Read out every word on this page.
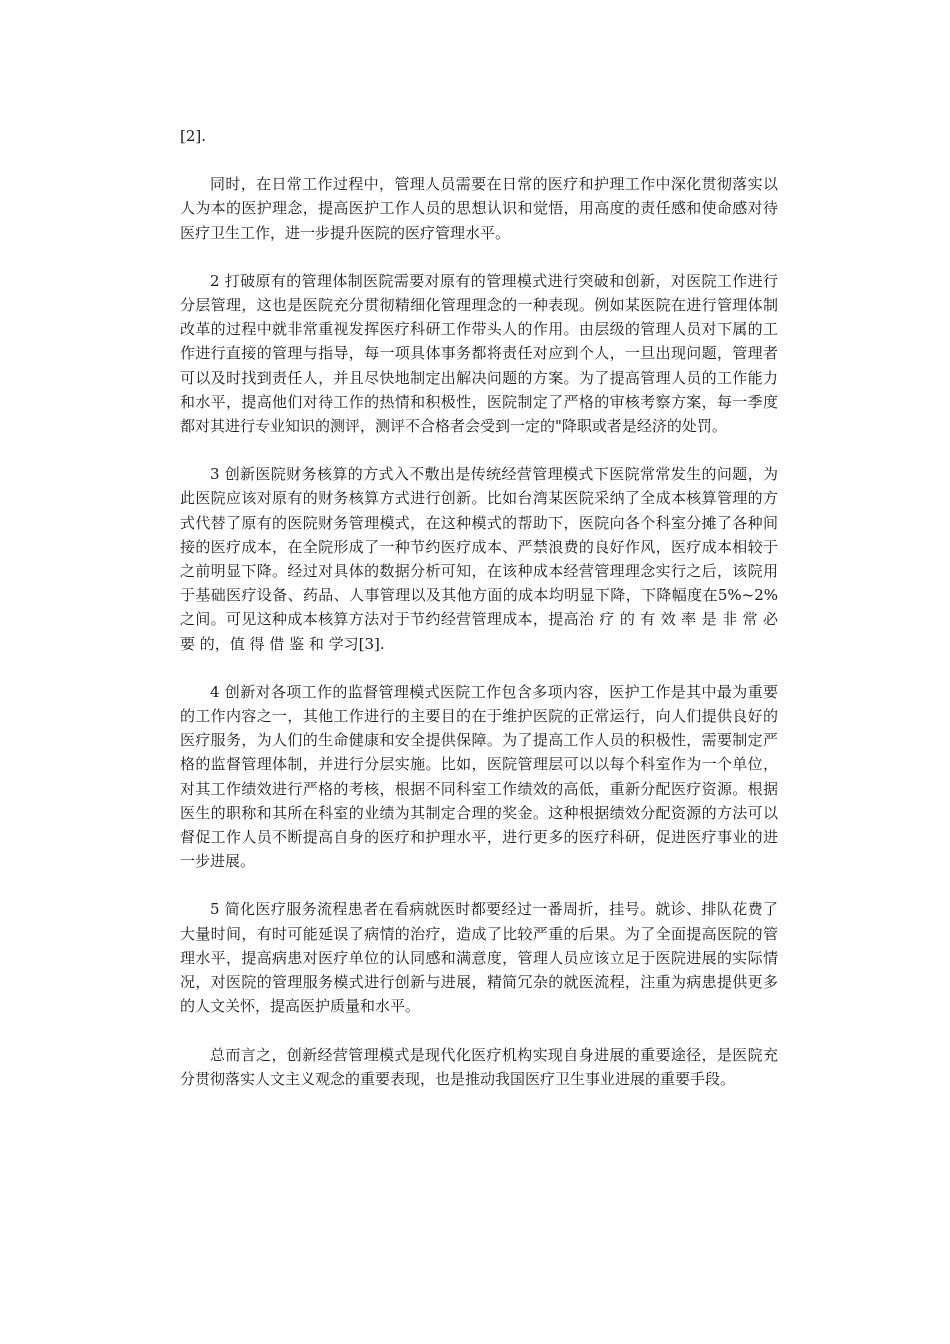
[2].

同时，在日常工作过程中，管理人员需要在日常的医疗和护理工作中深化贯彻落实以人为本的医护理念，提高医护工作人员的思想认识和觉悟，用高度的责任感和使命感对待医疗卫生工作，进一步提升医院的医疗管理水平。

2 打破原有的管理体制医院需要对原有的管理模式进行突破和创新，对医院工作进行分层管理，这也是医院充分贯彻精细化管理理念的一种表现。例如某医院在进行管理体制改革的过程中就非常重视发挥医疗科研工作带头人的作用。由层级的管理人员对下属的工作进行直接的管理与指导，每一项具体事务都将责任对应到个人，一旦出现问题，管理者可以及时找到责任人，并且尽快地制定出解决问题的方案。为了提高管理人员的工作能力和水平，提高他们对待工作的热情和积极性，医院制定了严格的审核考察方案，每一季度都对其进行专业知识的测评，测评不合格者会受到一定的"降职或者是经济的处罚。

3 创新医院财务核算的方式入不敷出是传统经营管理模式下医院常常发生的问题，为此医院应该对原有的财务核算方式进行创新。比如台湾某医院采纳了全成本核算管理的方式代替了原有的医院财务管理模式，在这种模式的帮助下，医院向各个科室分摊了各种间接的医疗成本，在全院形成了一种节约医疗成本、严禁浪费的良好作风，医疗成本相较于之前明显下降。经过对具体的数据分析可知，在该种成本经营管理理念实行之后，该院用于基础医疗设备、药品、人事管理以及其他方面的成本均明显下降，下降幅度在5%~2%之间。可见这种成本核算方法对于节约经营管理成本，提高治 疗 的 有 效 率 是 非 常 必 要 的，值 得 借 鉴 和 学习[3].

4 创新对各项工作的监督管理模式医院工作包含多项内容，医护工作是其中最为重要的工作内容之一，其他工作进行的主要目的在于维护医院的正常运行，向人们提供良好的医疗服务，为人们的生命健康和安全提供保障。为了提高工作人员的积极性，需要制定严格的监督管理体制，并进行分层实施。比如，医院管理层可以以每个科室作为一个单位，对其工作绩效进行严格的考核，根据不同科室工作绩效的高低，重新分配医疗资源。根据医生的职称和其所在科室的业绩为其制定合理的奖金。这种根据绩效分配资源的方法可以督促工作人员不断提高自身的医疗和护理水平，进行更多的医疗科研，促进医疗事业的进一步进展。

5 简化医疗服务流程患者在看病就医时都要经过一番周折，挂号。就诊、排队花费了大量时间，有时可能延误了病情的治疗，造成了比较严重的后果。为了全面提高医院的管理水平，提高病患对医疗单位的认同感和满意度，管理人员应该立足于医院进展的实际情况，对医院的管理服务模式进行创新与进展，精简冗杂的就医流程，注重为病患提供更多的人文关怀，提高医护质量和水平。

总而言之，创新经营管理模式是现代化医疗机构实现自身进展的重要途径，是医院充分贯彻落实人文主义观念的重要表现，也是推动我国医疗卫生事业进展的重要手段。
